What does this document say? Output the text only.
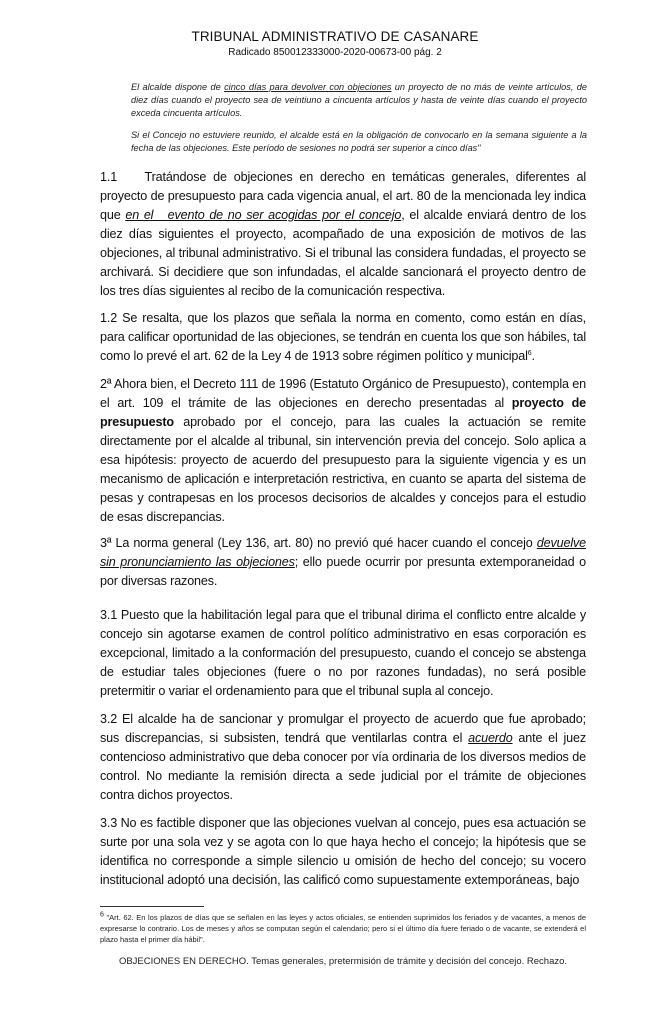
TRIBUNAL ADMINISTRATIVO DE CASANARE
Radicado 850012333000-2020-00673-00 pág. 2
El alcalde dispone de cinco días para devolver con objeciones un proyecto de no más de veinte artículos, de diez días cuando el proyecto sea de veintiuno a cincuenta artículos y hasta de veinte días cuando el proyecto exceda cincuenta artículos.
Si el Concejo no estuviere reunido, el alcalde está en la obligación de convocarlo en la semana siguiente a la fecha de las objeciones. Este período de sesiones no podrá ser superior a cinco días"
1.1    Tratándose de objeciones en derecho en temáticas generales, diferentes al proyecto de presupuesto para cada vigencia anual, el art. 80 de la mencionada ley indica que en el   evento de no ser acogidas por el concejo, el alcalde enviará dentro de los diez días siguientes el proyecto, acompañado de una exposición de motivos de las objeciones, al tribunal administrativo. Si el tribunal las considera fundadas, el proyecto se archivará. Si decidiere que son infundadas, el alcalde sancionará el proyecto dentro de los tres días siguientes al recibo de la comunicación respectiva.
1.2 Se resalta, que los plazos que señala la norma en comento, como están en días, para calificar oportunidad de las objeciones, se tendrán en cuenta los que son hábiles, tal como lo prevé el art. 62 de la Ley 4 de 1913 sobre régimen político y municipal$^6$.
2ª Ahora bien, el Decreto 111 de 1996 (Estatuto Orgánico de Presupuesto), contempla en el art. 109 el trámite de las objeciones en derecho presentadas al proyecto de presupuesto aprobado por el concejo, para las cuales la actuación se remite directamente por el alcalde al tribunal, sin intervención previa del concejo. Solo aplica a esa hipótesis: proyecto de acuerdo del presupuesto para la siguiente vigencia y es un mecanismo de aplicación e interpretación restrictiva, en cuanto se aparta del sistema de pesas y contrapesas en los procesos decisorios de alcaldes y concejos para el estudio de esas discrepancias.
3ª La norma general (Ley 136, art. 80) no previó qué hacer cuando el concejo devuelve sin pronunciamiento las objeciones; ello puede ocurrir por presunta extemporaneidad o por diversas razones.
3.1 Puesto que la habilitación legal para que el tribunal dirima el conflicto entre alcalde y concejo sin agotarse examen de control político administrativo en esas corporación es excepcional, limitado a la conformación del presupuesto, cuando el concejo se abstenga de estudiar tales objeciones (fuere o no por razones fundadas), no será posible pretermitir o variar el ordenamiento para que el tribunal supla al concejo.
3.2 El alcalde ha de sancionar y promulgar el proyecto de acuerdo que fue aprobado; sus discrepancias, si subsisten, tendrá que ventilarlas contra el acuerdo ante el juez contencioso administrativo que deba conocer por vía ordinaria de los diversos medios de control. No mediante la remisión directa a sede judicial por el trámite de objeciones contra dichos proyectos.
3.3 No es factible disponer que las objeciones vuelvan al concejo, pues esa actuación se surte por una sola vez y se agota con lo que haya hecho el concejo; la hipótesis que se identifica no corresponde a simple silencio u omisión de hecho del concejo; su vocero institucional adoptó una decisión, las calificó como supuestamente extemporáneas, bajo
6 "Art. 62. En los plazos de días que se señalen en las leyes y actos oficiales, se entienden suprimidos los feriados y de vacantes, a menos de expresarse lo contrario. Los de meses y años se computan según el calendario; pero si el último día fuere feriado o de vacante, se extenderá el plazo hasta el primer día hábil".
OBJECIONES EN DERECHO. Temas generales, pretermisión de trámite y decisión del concejo. Rechazo.
